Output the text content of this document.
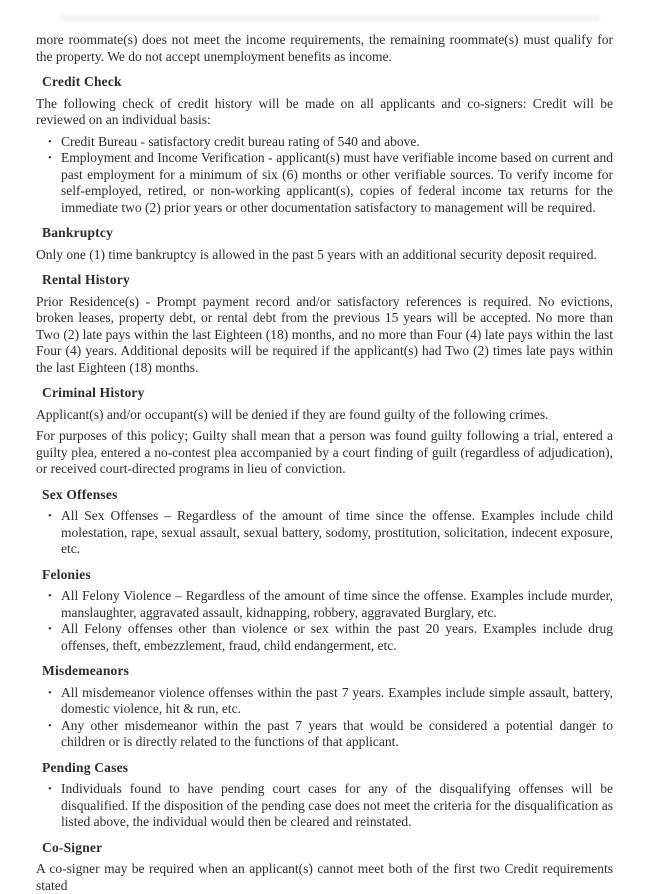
more roommate(s) does not meet the income requirements, the remaining roommate(s) must qualify for the property. We do not accept unemployment benefits as income.

Credit Check

The following check of credit history will be made on all applicants and co-signers: Credit will be reviewed on an individual basis:

• Credit Bureau - satisfactory credit bureau rating of 540 and above.
• Employment and Income Verification - applicant(s) must have verifiable income based on current and past employment for a minimum of six (6) months or other verifiable sources. To verify income for self-employed, retired, or non-working applicant(s), copies of federal income tax returns for the immediate two (2) prior years or other documentation satisfactory to management will be required.
Bankruptcy

Only one (1) time bankruptcy is allowed in the past 5 years with an additional security deposit required.

Rental History

Prior Residence(s) - Prompt payment record and/or satisfactory references is required. No evictions, broken leases, property debt, or rental debt from the previous 15 years will be accepted. No more than Two (2) late pays within the last Eighteen (18) months, and no more than Four (4) late pays within the last Four (4) years. Additional deposits will be required if the applicant(s) had Two (2) times late pays within the last Eighteen (18) months.

Criminal History

Applicant(s) and/or occupant(s) will be denied if they are found guilty of the following crimes.

For purposes of this policy; Guilty shall mean that a person was found guilty following a trial, entered a guilty plea, entered a no-contest plea accompanied by a court finding of guilt (regardless of adjudication), or received court-directed programs in lieu of conviction.

Sex Offenses
• All Sex Offenses – Regardless of the amount of time since the offense. Examples include child molestation, rape, sexual assault, sexual battery, sodomy, prostitution, solicitation, indecent exposure, etc.
Felonies
• All Felony Violence – Regardless of the amount of time since the offense. Examples include murder, manslaughter, aggravated assault, kidnapping, robbery, aggravated Burglary, etc.
• All Felony offenses other than violence or sex within the past 20 years. Examples include drug offenses, theft, embezzlement, fraud, child endangerment, etc.
Misdemeanors
• All misdemeanor violence offenses within the past 7 years. Examples include simple assault, battery, domestic violence, hit & run, etc.
• Any other misdemeanor within the past 7 years that would be considered a potential danger to children or is directly related to the functions of that applicant.
Pending Cases
• Individuals found to have pending court cases for any of the disqualifying offenses will be disqualified. If the disposition of the pending case does not meet the criteria for the disqualification as listed above, the individual would then be cleared and reinstated.
Co-Signer

A co-signer may be required when an applicant(s) cannot meet both of the first two Credit requirements stated
